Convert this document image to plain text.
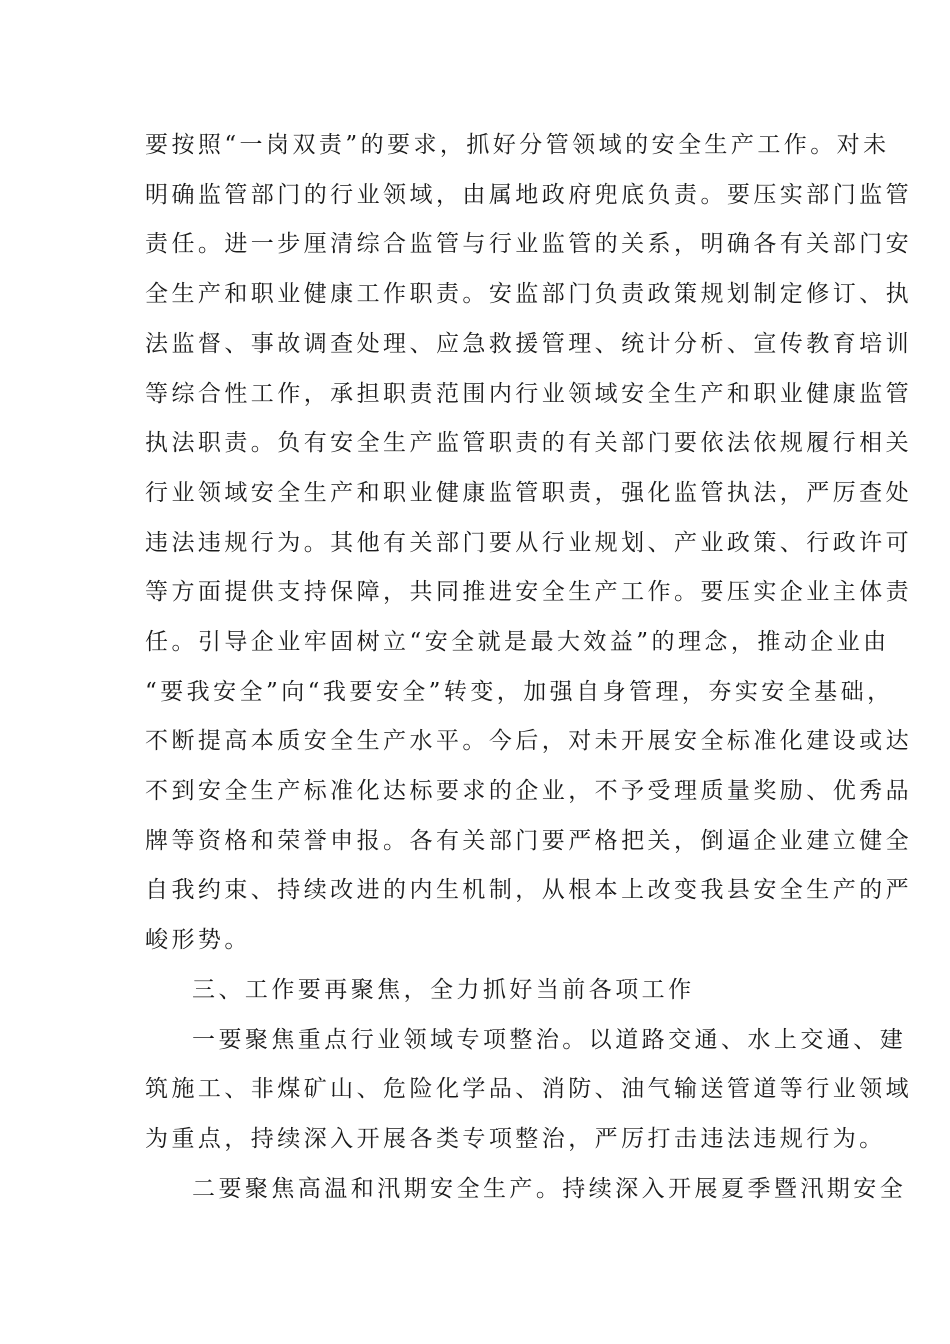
要按照“一岗双责”的要求，抓好分管领域的安全生产工作。对未

明确监管部门的行业领域，由属地政府兜底负责。要压实部门监管

责任。进一步厘清综合监管与行业监管的关系，明确各有关部门安

全生产和职业健康工作职责。安监部门负责政策规划制定修订、执

法监督、事故调查处理、应急救援管理、统计分析、宣传教育培训

等综合性工作，承担职责范围内行业领域安全生产和职业健康监管

执法职责。负有安全生产监管职责的有关部门要依法依规履行相关

行业领域安全生产和职业健康监管职责，强化监管执法，严厉查处

违法违规行为。其他有关部门要从行业规划、产业政策、行政许可

等方面提供支持保障，共同推进安全生产工作。要压实企业主体责

任。引导企业牢固树立“安全就是最大效益”的理念，推动企业由

“要我安全”向“我要安全”转变，加强自身管理，夯实安全基础，

不断提高本质安全生产水平。今后，对未开展安全标准化建设或达

不到安全生产标准化达标要求的企业，不予受理质量奖励、优秀品

牌等资格和荣誉申报。各有关部门要严格把关，倒逼企业建立健全

自我约束、持续改进的内生机制，从根本上改变我县安全生产的严

峻形势。

三、工作要再聚焦，全力抓好当前各项工作

一要聚焦重点行业领域专项整治。以道路交通、水上交通、建

筑施工、非煤矿山、危险化学品、消防、油气输送管道等行业领域

为重点，持续深入开展各类专项整治，严厉打击违法违规行为。

二要聚焦高温和汛期安全生产。持续深入开展夏季暨汛期安全
